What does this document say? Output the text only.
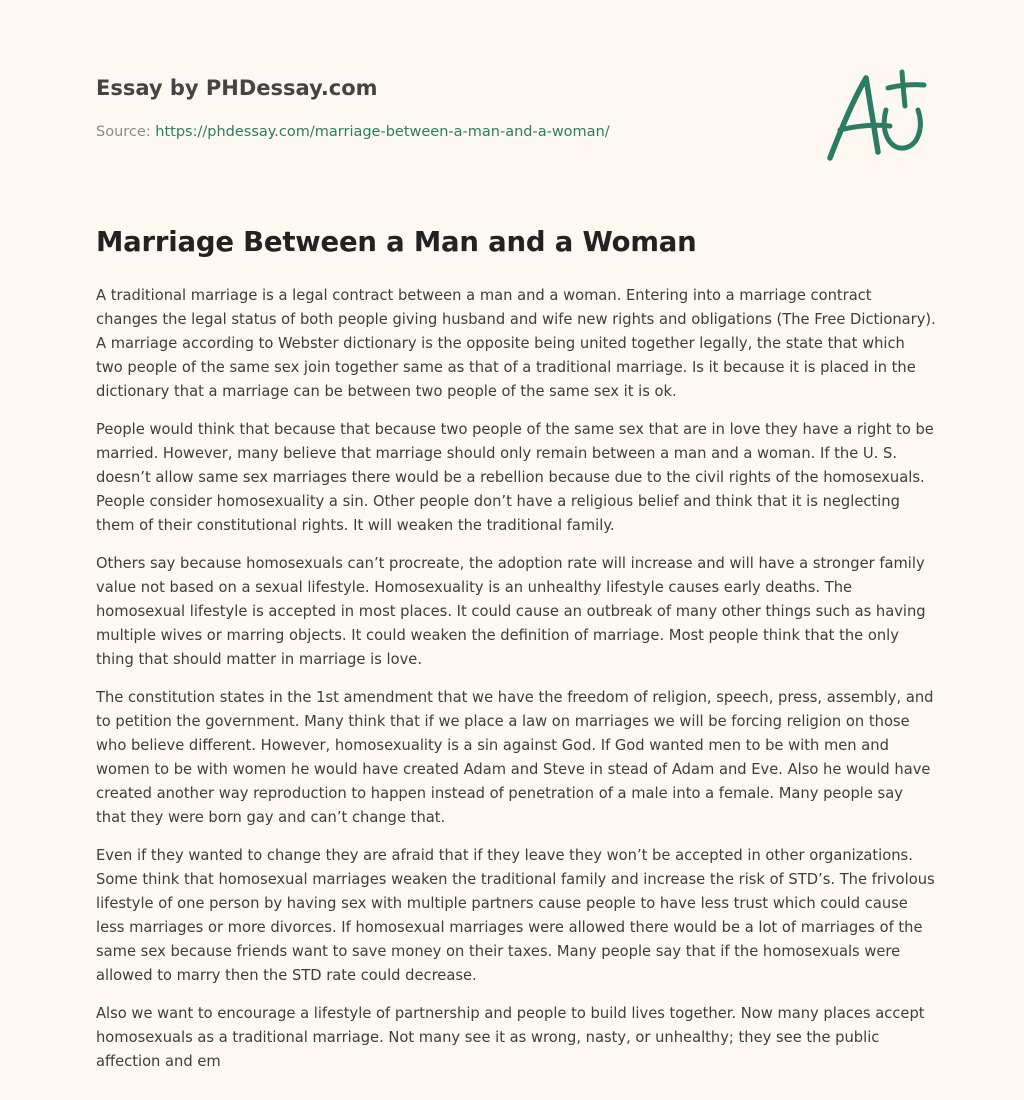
Essay by PHDessay.com

Source: https://phdessay.com/marriage-between-a-man-and-a-woman/

Marriage Between a Man and a Woman

A traditional marriage is a legal contract between a man and a woman. Entering into a marriage contract changes the legal status of both people giving husband and wife new rights and obligations (The Free Dictionary). A marriage according to Webster dictionary is the opposite being united together legally, the state that which two people of the same sex join together same as that of a traditional marriage. Is it because it is placed in the dictionary that a marriage can be between two people of the same sex it is ok.

People would think that because that because two people of the same sex that are in love they have a right to be married. However, many believe that marriage should only remain between a man and a woman. If the U. S. doesn’t allow same sex marriages there would be a rebellion because due to the civil rights of the homosexuals. People consider homosexuality a sin. Other people don’t have a religious belief and think that it is neglecting them of their constitutional rights. It will weaken the traditional family.

Others say because homosexuals can’t procreate, the adoption rate will increase and will have a stronger family value not based on a sexual lifestyle. Homosexuality is an unhealthy lifestyle causes early deaths. The homosexual lifestyle is accepted in most places. It could cause an outbreak of many other things such as having multiple wives or marring objects. It could weaken the definition of marriage. Most people think that the only thing that should matter in marriage is love.

The constitution states in the 1st amendment that we have the freedom of religion, speech, press, assembly, and to petition the government. Many think that if we place a law on marriages we will be forcing religion on those who believe different. However, homosexuality is a sin against God. If God wanted men to be with men and women to be with women he would have created Adam and Steve in stead of Adam and Eve. Also he would have created another way reproduction to happen instead of penetration of a male into a female. Many people say that they were born gay and can’t change that.

Even if they wanted to change they are afraid that if they leave they won’t be accepted in other organizations. Some think that homosexual marriages weaken the traditional family and increase the risk of STD’s. The frivolous lifestyle of one person by having sex with multiple partners cause people to have less trust which could cause less marriages or more divorces. If homosexual marriages were allowed there would be a lot of marriages of the same sex because friends want to save money on their taxes. Many people say that if the homosexuals were allowed to marry then the STD rate could decrease.

Also we want to encourage a lifestyle of partnership and people to build lives together. Now many places accept homosexuals as a traditional marriage. Not many see it as wrong, nasty, or unhealthy; they see the public affection and em
